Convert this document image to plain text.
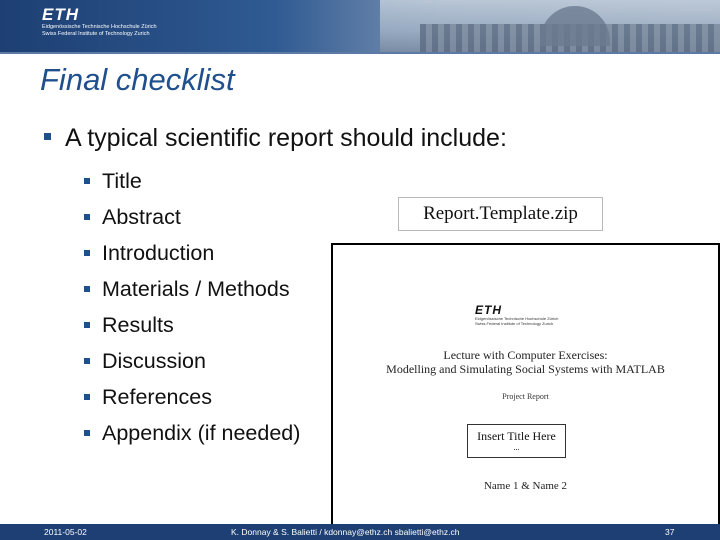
ETH
Eidgenössische Technische Hochschule Zürich
Swiss Federal Institute of Technology Zurich
Final checklist
A typical scientific report should include:
Title
Abstract
Introduction
Materials / Methods
Results
Discussion
References
Appendix (if needed)
Report.Template.zip
ETH
Eidgenössische Technische Hochschule Zürich
Swiss Federal Institute of Technology Zurich
Lecture with Computer Exercises:
Modelling and Simulating Social Systems with MATLAB
Project Report
Insert Title Here
...
Name 1 & Name 2
2011-05-02	K. Donnay & S. Balietti / kdonnay@ethz.ch sbalietti@ethz.ch	37
